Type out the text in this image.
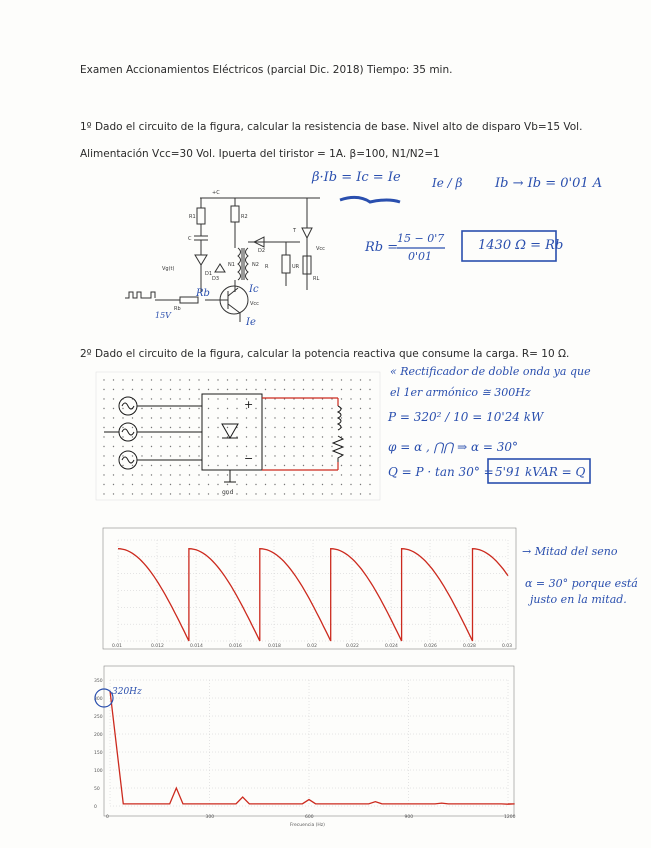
Examen Accionamientos Eléctricos (parcial Dic. 2018) Tiempo: 35 min.
1º Dado el circuito de la figura, calcular la resistencia de base. Nivel alto de disparo Vb=15 Vol.
Alimentación Vcc=30 Vol. Ipuerta del tiristor = 1A. β=100, N1/N2=1
2º Dado el circuito de la figura, calcular la potencia reactiva que consume la carga. R= 10 Ω.
β·Ib = Ic = Ie	Ie / β	Ib → Ib = 0'01 A
Rb =
15 − 0'7
0'01
1430 Ω = Rb
« Rectificador de doble onda ya que
el 1er armónico ≅ 300Hz
P = 320² / 10 = 10'24 kW
φ = α , ⋂⋂ ⇒ α = 30°
Q = P · tan 30° = 5'91 kVAR = Q
→ Mitad del seno
α = 30° porque está
justo en la mitad.
+C
R1	R2
C
D1
D2
N1	N2
D3
R
Rb
UR
Vcc
Vcc
T
RL
Vg(t)
15V
Rb	Ic
Ie
+
−
gnd
0.01	0.012	0.014	0.016	0.018	0.02	0.022	0.024	0.026	0.028	0.03
350
300
250
200
150
100
50
0
0	300	600	900	1200
Frecuencia (Hz)
320Hz
